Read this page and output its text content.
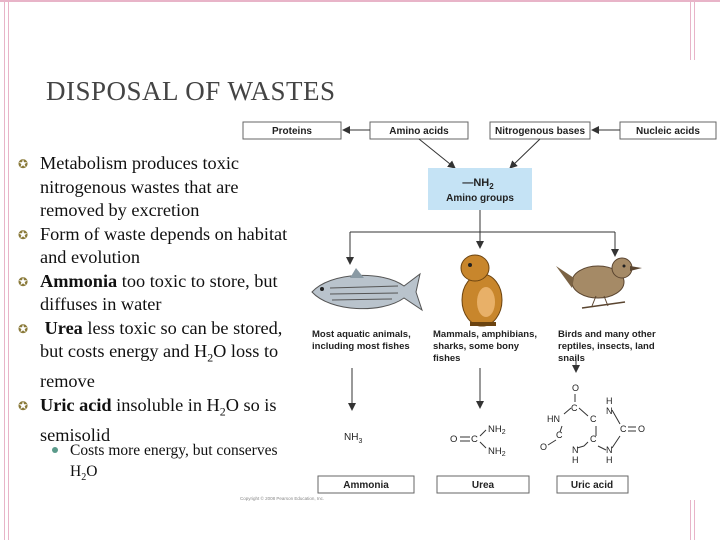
DISPOSAL OF WASTES
✪ Metabolism produces toxic nitrogenous wastes that are removed by excretion
✪ Form of waste depends on habitat and evolution
✪ Ammonia too toxic to store, but diffuses in water
✪ Urea less toxic so can be stored, but costs energy and $H_2O$ loss to remove
✪ Uric acid insoluble in $H_2O$ so is semisolid
Costs more energy, but conserves $H_2O$
Proteins	Amino acids	Nitrogenous bases	Nucleic acids
$—NH_2$
Amino groups
Most aquatic animals, including most fishes
Mammals, amphibians, sharks, some bony fishes
Birds and many other reptiles, insects, land snails
$NH_3$	O C
$NH_2$
$NH_2$
O
C
HN	C
H
N
C O
C	C
O	N
H
N
H
Ammonia	Urea	Uric acid
Copyright © 2008 Pearson Education, Inc.
